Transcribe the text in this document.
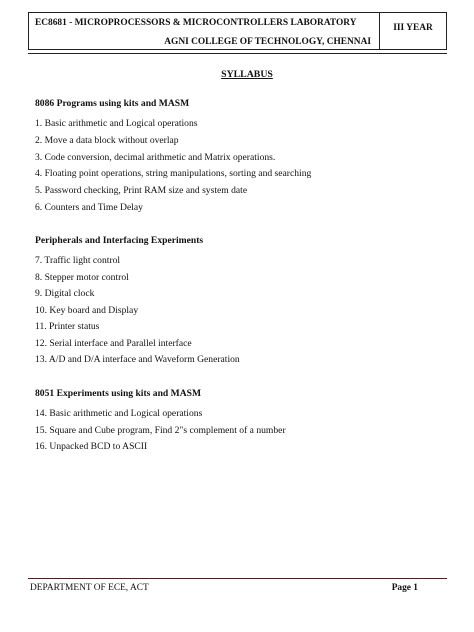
EC8681 - MICROPROCESSORS & MICROCONTROLLERS LABORATORY
AGNI COLLEGE OF TECHNOLOGY, CHENNAI
III YEAR
SYLLABUS
8086 Programs using kits and MASM
1. Basic arithmetic and Logical operations
2. Move a data block without overlap
3. Code conversion, decimal arithmetic and Matrix operations.
4. Floating point operations, string manipulations, sorting and searching
5. Password checking, Print RAM size and system date
6. Counters and Time Delay
Peripherals and Interfacing Experiments
7. Traffic light control
8. Stepper motor control
9. Digital clock
10. Key board and Display
11. Printer status
12. Serial interface and Parallel interface
13. A/D and D/A interface and Waveform Generation
8051 Experiments using kits and MASM
14. Basic arithmetic and Logical operations
15. Square and Cube program, Find 2"s complement of a number
16. Unpacked BCD to ASCII
DEPARTMENT OF ECE, ACT	Page 1
